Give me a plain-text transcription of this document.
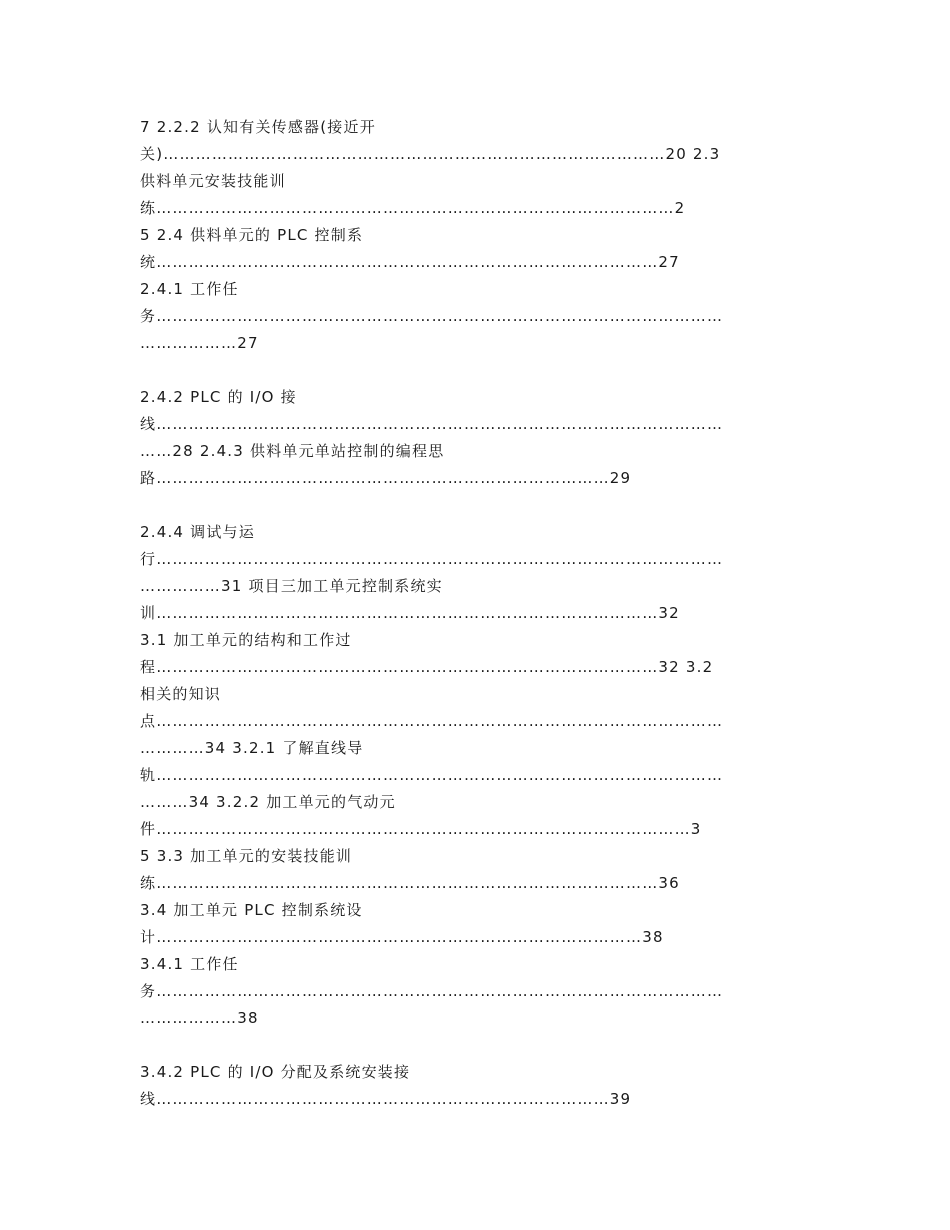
7 2.2.2 认知有关传感器(接近开
关)…………………………………………………………………………………20 2.3
供料单元安装技能训
练……………………………………………………………………………………2
5 2.4 供料单元的 PLC 控制系
统…………………………………………………………………………………27
2.4.1 工作任
务……………………………………………………………………………………………
………………27
2.4.2 PLC 的 I/O 接
线……………………………………………………………………………………………
……28 2.4.3 供料单元单站控制的编程思
路…………………………………………………………………………29
2.4.4 调试与运
行……………………………………………………………………………………………
……………31 项目三加工单元控制系统实
训…………………………………………………………………………………32
3.1 加工单元的结构和工作过
程…………………………………………………………………………………32 3.2
相关的知识
点……………………………………………………………………………………………
…………34 3.2.1 了解直线导
轨……………………………………………………………………………………………
………34 3.2.2 加工单元的气动元
件………………………………………………………………………………………3
5 3.3 加工单元的安装技能训
练…………………………………………………………………………………36
3.4 加工单元 PLC 控制系统设
计………………………………………………………………………………38
3.4.1 工作任
务……………………………………………………………………………………………
………………38
3.4.2 PLC 的 I/O 分配及系统安装接
线…………………………………………………………………………39
